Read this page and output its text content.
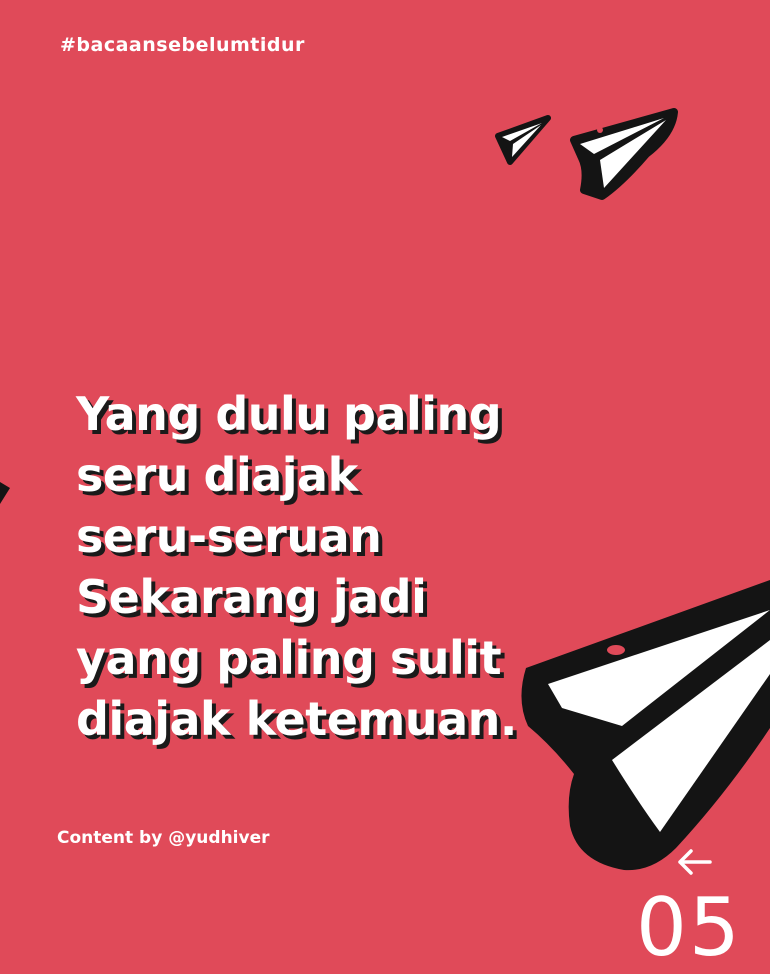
#bacaansebelumtidur
Yang dulu paling
seru diajak
seru-seruan
Sekarang jadi
yang paling sulit
diajak ketemuan.
Content by @yudhiver
05
